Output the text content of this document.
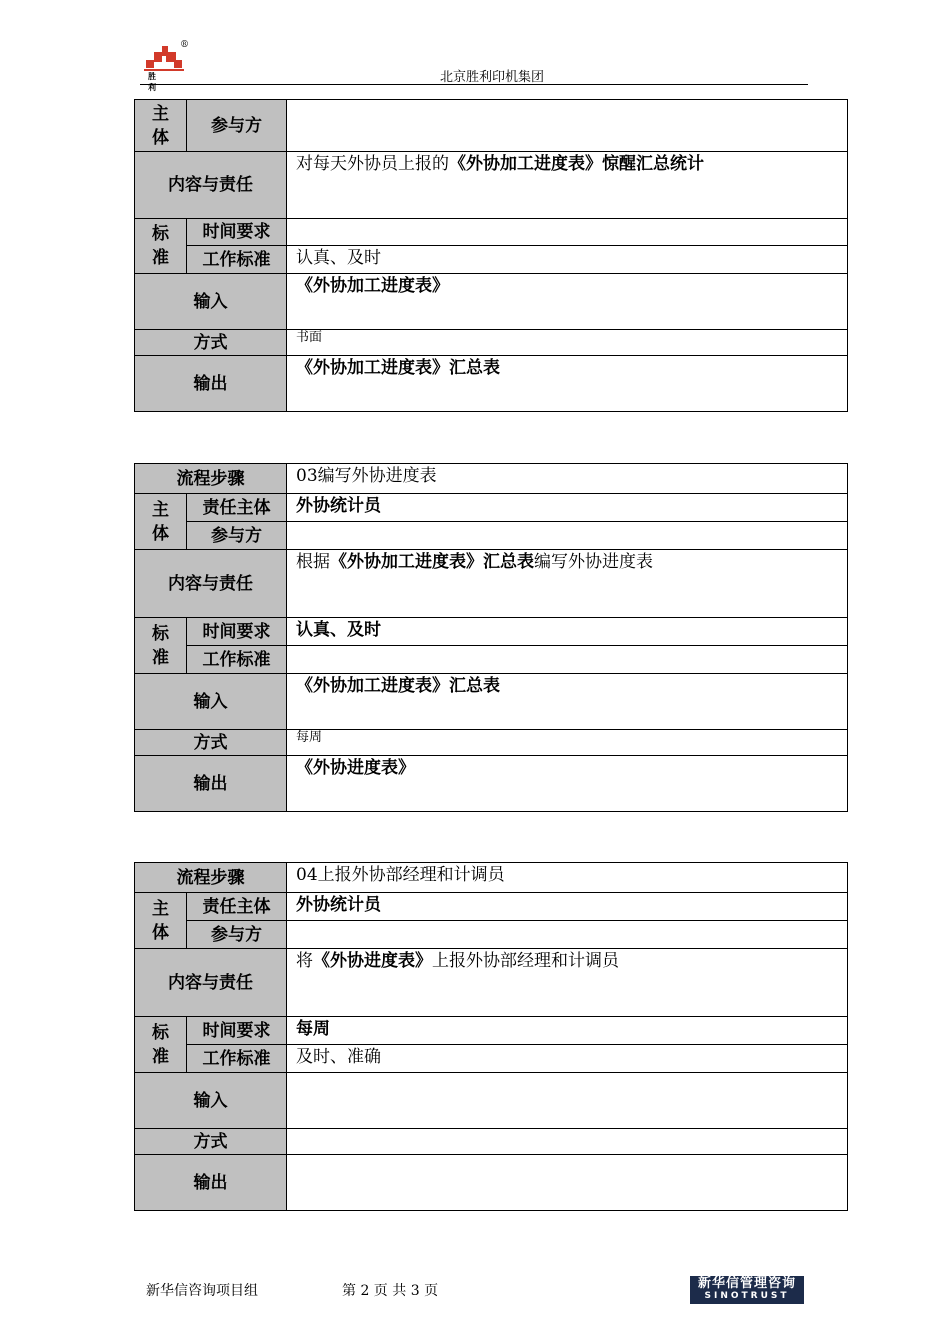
胜 利
®
北京胜利印机集团
主体	参与方	
内容与责任		对每天外协员上报的《外协加工进度表》惊醒汇总统计

标准	时间要求	
	工作标准	认真、及时
输入		《外协加工进度表》
方式		书面
输出		《外协加工进度表》汇总表
流程步骤		03编写外协进度表

主体	责任主体	外协统计员
	参与方	
内容与责任		根据《外协加工进度表》汇总表编写外协进度表

标准	时间要求	认真、及时
	工作标准	
输入		《外协加工进度表》汇总表
方式		每周
输出		《外协进度表》
流程步骤		04上报外协部经理和计调员

主体	责任主体	外协统计员
	参与方	
内容与责任		将《外协进度表》上报外协部经理和计调员

标准	时间要求	每周
	工作标准	及时、准确
输入		
方式		
输出		
新华信咨询项目组	第 2 页 共 3 页	新华信管理咨询
SINOTRUST
